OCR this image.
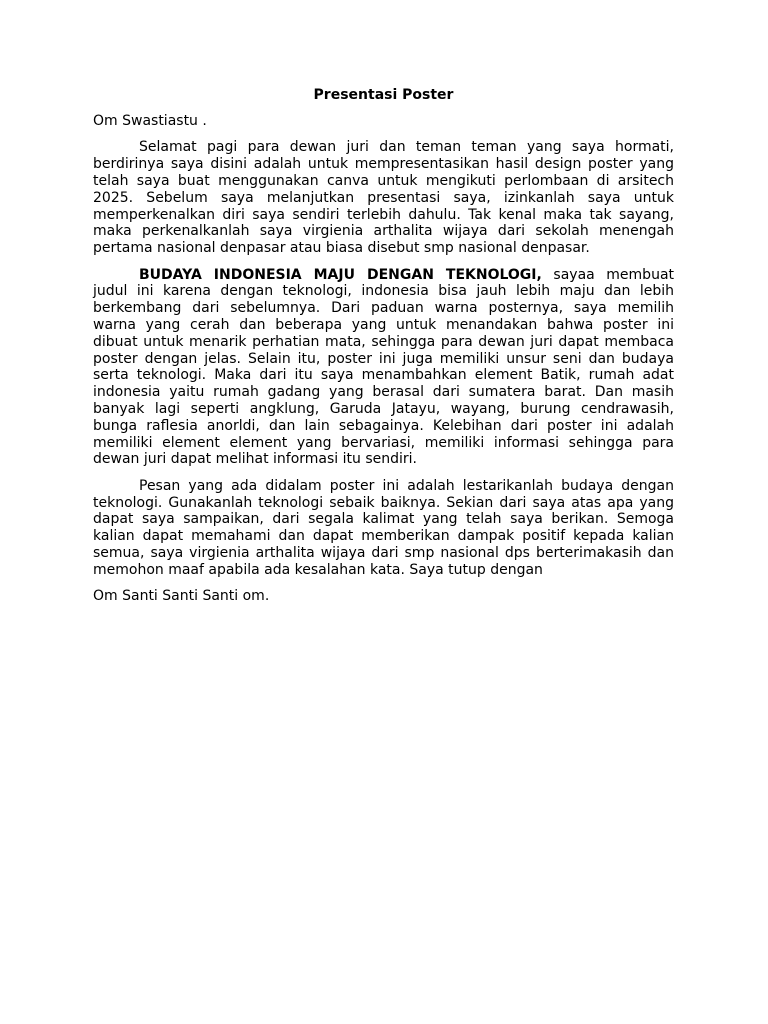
Presentasi Poster
Om Swastiastu .
Selamat pagi para dewan juri dan teman teman yang saya hormati,
berdirinya saya disini adalah untuk mempresentasikan hasil design poster yang
telah saya buat menggunakan canva untuk mengikuti perlombaan di arsitech
2025. Sebelum saya melanjutkan presentasi saya, izinkanlah saya untuk
memperkenalkan diri saya sendiri terlebih dahulu. Tak kenal maka tak sayang,
maka perkenalkanlah saya virgienia arthalita wijaya dari sekolah menengah
pertama nasional denpasar atau biasa disebut smp nasional denpasar.
BUDAYA INDONESIA MAJU DENGAN TEKNOLOGI, sayaa membuat
judul ini karena dengan teknologi, indonesia bisa jauh lebih maju dan lebih
berkembang dari sebelumnya. Dari paduan warna posternya, saya memilih
warna yang cerah dan beberapa yang untuk menandakan bahwa poster ini
dibuat untuk menarik perhatian mata, sehingga para dewan juri dapat membaca
poster dengan jelas. Selain itu, poster ini juga memiliki unsur seni dan budaya
serta teknologi. Maka dari itu saya menambahkan element Batik, rumah adat
indonesia yaitu rumah gadang yang berasal dari sumatera barat. Dan masih
banyak lagi seperti angklung, Garuda Jatayu, wayang, burung cendrawasih,
bunga raflesia anorldi, dan lain sebagainya. Kelebihan dari poster ini adalah
memiliki element element yang bervariasi, memiliki informasi sehingga para
dewan juri dapat melihat informasi itu sendiri.
Pesan yang ada didalam poster ini adalah lestarikanlah budaya dengan
teknologi. Gunakanlah teknologi sebaik baiknya. Sekian dari saya atas apa yang
dapat saya sampaikan, dari segala kalimat yang telah saya berikan. Semoga
kalian dapat memahami dan dapat memberikan dampak positif kepada kalian
semua, saya virgienia arthalita wijaya dari smp nasional dps berterimakasih dan
memohon maaf apabila ada kesalahan kata. Saya tutup dengan
Om Santi Santi Santi om.
